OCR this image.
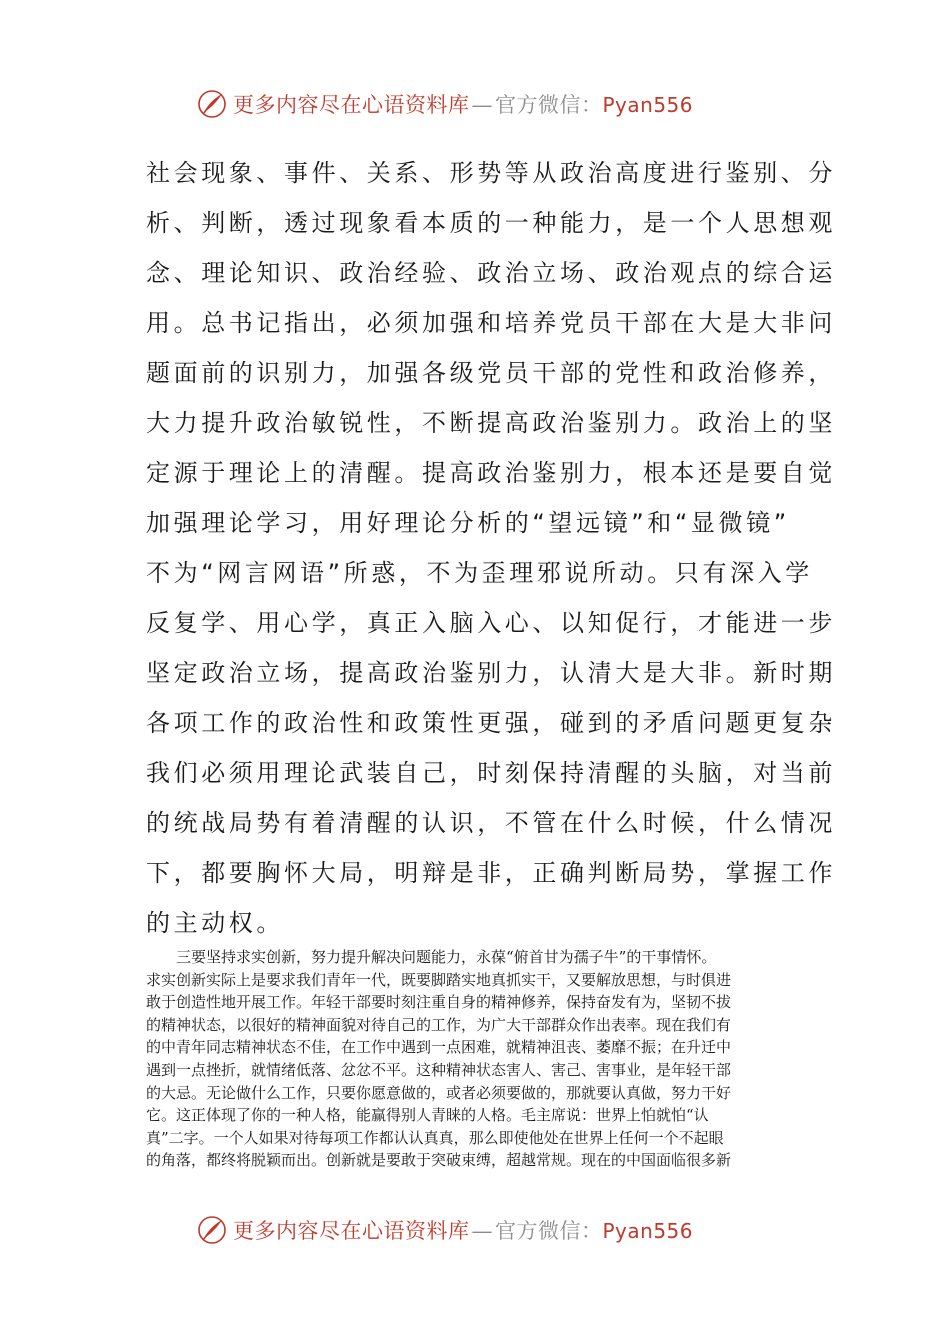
更多内容尽在心语资料库—官方微信：Pyan556
社会现象、事件、关系、形势等从政治高度进行鉴别、分
析、判断，透过现象看本质的一种能力，是一个人思想观
念、理论知识、政治经验、政治立场、政治观点的综合运
用。总书记指出，必须加强和培养党员干部在大是大非问
题面前的识别力，加强各级党员干部的党性和政治修养，
大力提升政治敏锐性，不断提高政治鉴别力。政治上的坚
定源于理论上的清醒。提高政治鉴别力，根本还是要自觉
加强理论学习，用好理论分析的“望远镜”和“显微镜”
不为“网言网语”所惑，不为歪理邪说所动。只有深入学
反复学、用心学，真正入脑入心、以知促行，才能进一步
坚定政治立场，提高政治鉴别力，认清大是大非。新时期
各项工作的政治性和政策性更强，碰到的矛盾问题更复杂
我们必须用理论武装自己，时刻保持清醒的头脑，对当前
的统战局势有着清醒的认识，不管在什么时候，什么情况
下，都要胸怀大局，明辩是非，正确判断局势，掌握工作
的主动权。
三要坚持求实创新，努力提升解决问题能力，永葆“俯首甘为孺子牛”的干事情怀。
求实创新实际上是要求我们青年一代，既要脚踏实地真抓实干，又要解放思想，与时俱进
敢于创造性地开展工作。年轻干部要时刻注重自身的精神修养，保持奋发有为，坚韧不拔
的精神状态，以很好的精神面貌对待自己的工作，为广大干部群众作出表率。现在我们有
的中青年同志精神状态不佳，在工作中遇到一点困难，就精神沮丧、萎靡不振；在升迁中
遇到一点挫折，就情绪低落、忿忿不平。这种精神状态害人、害己、害事业，是年轻干部
的大忌。无论做什么工作，只要你愿意做的，或者必须要做的，那就要认真做，努力干好
它。这正体现了你的一种人格，能赢得别人青睐的人格。毛主席说：世界上怕就怕“认
真”二字。一个人如果对待每项工作都认认真真，那么即使他处在世界上任何一个不起眼
的角落，都终将脱颖而出。创新就是要敢于突破束缚，超越常规。现在的中国面临很多新
更多内容尽在心语资料库—官方微信：Pyan556
